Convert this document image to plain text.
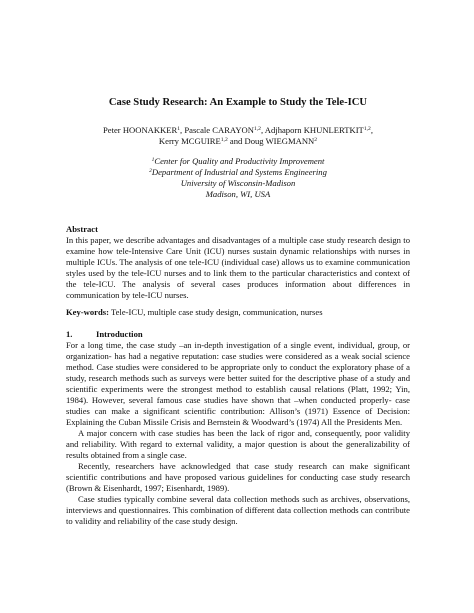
Case Study Research: An Example to Study the Tele-ICU
Peter HOONAKKER$^1$, Pascale CARAYON$^{1,2}$, Adjhaporn KHUNLERTKIT$^{1,2}$,
Kerry MCGUIRE$^{1,2}$ and Doug WIEGMANN$^2$
$^1$Center for Quality and Productivity Improvement
$^2$Department of Industrial and Systems Engineering
University of Wisconsin-Madison
Madison, WI, USA
Abstract
In this paper, we describe advantages and disadvantages of a multiple case study research design to examine how tele-Intensive Care Unit (ICU) nurses sustain dynamic relationships with nurses in multiple ICUs. The analysis of one tele-ICU (individual case) allows us to examine communication styles used by the tele-ICU nurses and to link them to the particular characteristics and context of the tele-ICU. The analysis of several cases produces information about differences in communication by tele-ICU nurses.
Key-words: Tele-ICU, multiple case study design, communication, nurses
1.	Introduction

For a long time, the case study –an in-depth investigation of a single event, individual, group, or organization- has had a negative reputation: case studies were considered as a weak social science method. Case studies were considered to be appropriate only to conduct the exploratory phase of a study, research methods such as surveys were better suited for the descriptive phase of a study and scientific experiments were the strongest method to establish causal relations (Platt, 1992; Yin, 1984). However, several famous case studies have shown that –when conducted properly- case studies can make a significant scientific contribution: Allison’s (1971) Essence of Decision: Explaining the Cuban Missile Crisis and Bernstein & Woodward’s (1974) All the Presidents Men.

A major concern with case studies has been the lack of rigor and, consequently, poor validity and reliability. With regard to external validity, a major question is about the generalizability of results obtained from a single case.

Recently, researchers have acknowledged that case study research can make significant scientific contributions and have proposed various guidelines for conducting case study research (Brown & Eisenhardt, 1997; Eisenhardt, 1989).

Case studies typically combine several data collection methods such as archives, observations, interviews and questionnaires. This combination of different data collection methods can contribute to validity and reliability of the case study design.
